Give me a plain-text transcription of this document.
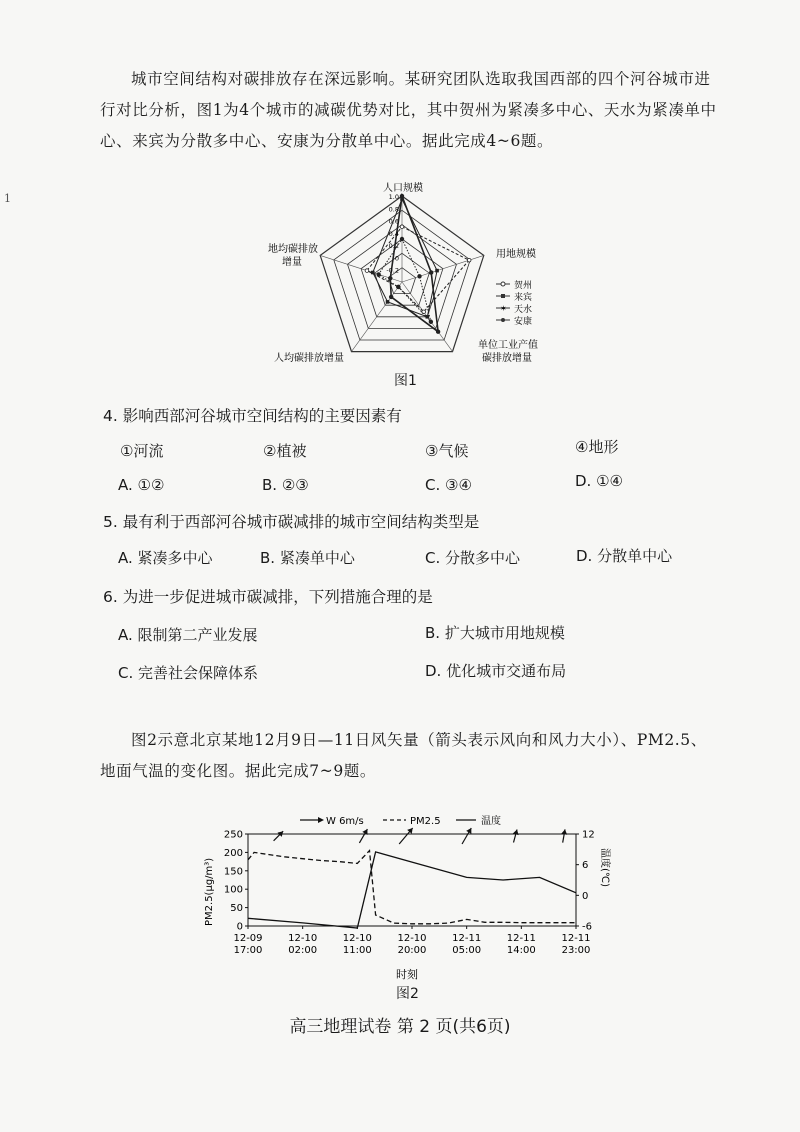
1

城市空间结构对碳排放存在深远影响。某研究团队选取我国西部的四个河谷城市进行对比分析，图1为4个城市的减碳优势对比，其中贺州为紧凑多中心、天水为紧凑单中心、来宾为分散多中心、安康为分散单中心。据此完成4~6题。

1.0
0.8
0.6
0.4
0.2
0
-0.2
人口规模
用地规模
单位工业产值
碳排放增量
人均碳排放增量
地均碳排放
增量
贺州
来宾
✶ 天水
安康

图1

4. 影响西部河谷城市空间结构的主要因素有

①河流	②植被	③气候	④地形

A. ①②	B. ②③	C. ③④	D. ①④

5. 最有利于西部河谷城市碳减排的城市空间结构类型是

A. 紧凑多中心	B. 紧凑单中心	C. 分散多中心	D. 分散单中心

6. 为进一步促进城市碳减排，下列措施合理的是

A. 限制第二产业发展	B. 扩大城市用地规模

C. 完善社会保障体系	D. 优化城市交通布局

图2示意北京某地12月9日—11日风矢量（箭头表示风向和风力大小）、PM2.5、地面气温的变化图。据此完成7~9题。

W 6m/s	PM2.5	温度
0
50
100
150
200
250
-6
0
6
12
12-09
17:00
12-10
02:00
12-10
11:00
12-10
20:00
12-11
05:00
12-11
14:00
12-11
23:00
PM2.5(μg/m³)	温度(℃)
时刻

图2

高三地理试卷 第 2 页(共6页)
